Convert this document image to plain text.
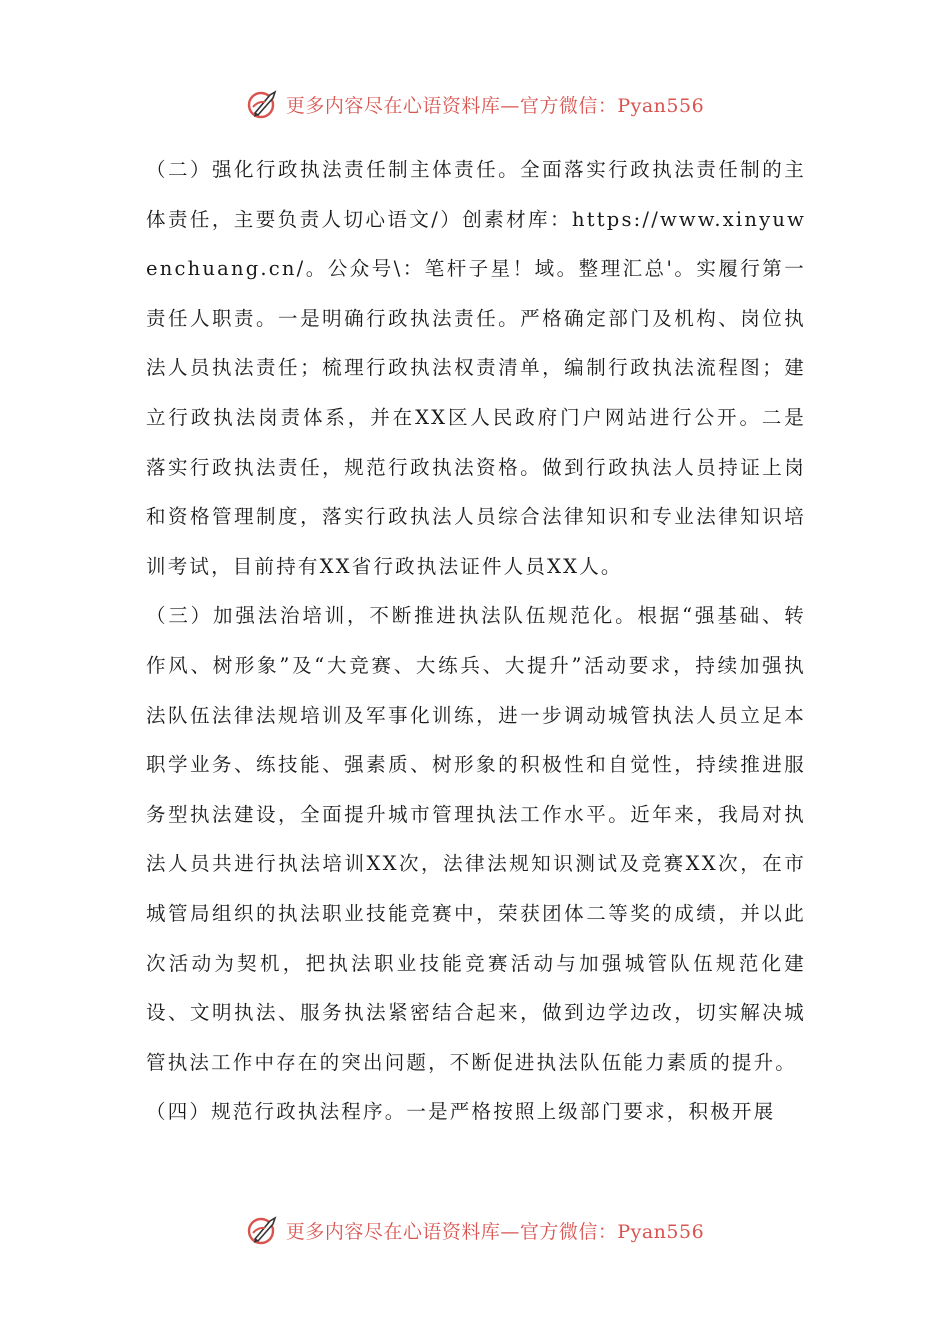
更多内容尽在心语资料库—官方微信：Pyan556

（二）强化行政执法责任制主体责任。全面落实行政执法责任制的主体责任，主要负责人切心语文/）创素材库：https://www.xinyuwenchuang.cn/。公众号\：笔杆子星！域。整理汇总'。实履行第一责任人职责。一是明确行政执法责任。严格确定部门及机构、岗位执法人员执法责任；梳理行政执法权责清单，编制行政执法流程图；建立行政执法岗责体系，并在XX区人民政府门户网站进行公开。二是落实行政执法责任，规范行政执法资格。做到行政执法人员持证上岗和资格管理制度，落实行政执法人员综合法律知识和专业法律知识培训考试，目前持有XX省行政执法证件人员XX人。

（三）加强法治培训，不断推进执法队伍规范化。根据“强基础、转作风、树形象”及“大竞赛、大练兵、大提升”活动要求，持续加强执法队伍法律法规培训及军事化训练，进一步调动城管执法人员立足本职学业务、练技能、强素质、树形象的积极性和自觉性，持续推进服务型执法建设，全面提升城市管理执法工作水平。近年来，我局对执法人员共进行执法培训XX次，法律法规知识测试及竞赛XX次，在市城管局组织的执法职业技能竞赛中，荣获团体二等奖的成绩，并以此次活动为契机，把执法职业技能竞赛活动与加强城管队伍规范化建设、文明执法、服务执法紧密结合起来，做到边学边改，切实解决城管执法工作中存在的突出问题，不断促进执法队伍能力素质的提升。

（四）规范行政执法程序。一是严格按照上级部门要求，积极开展

更多内容尽在心语资料库—官方微信：Pyan556
